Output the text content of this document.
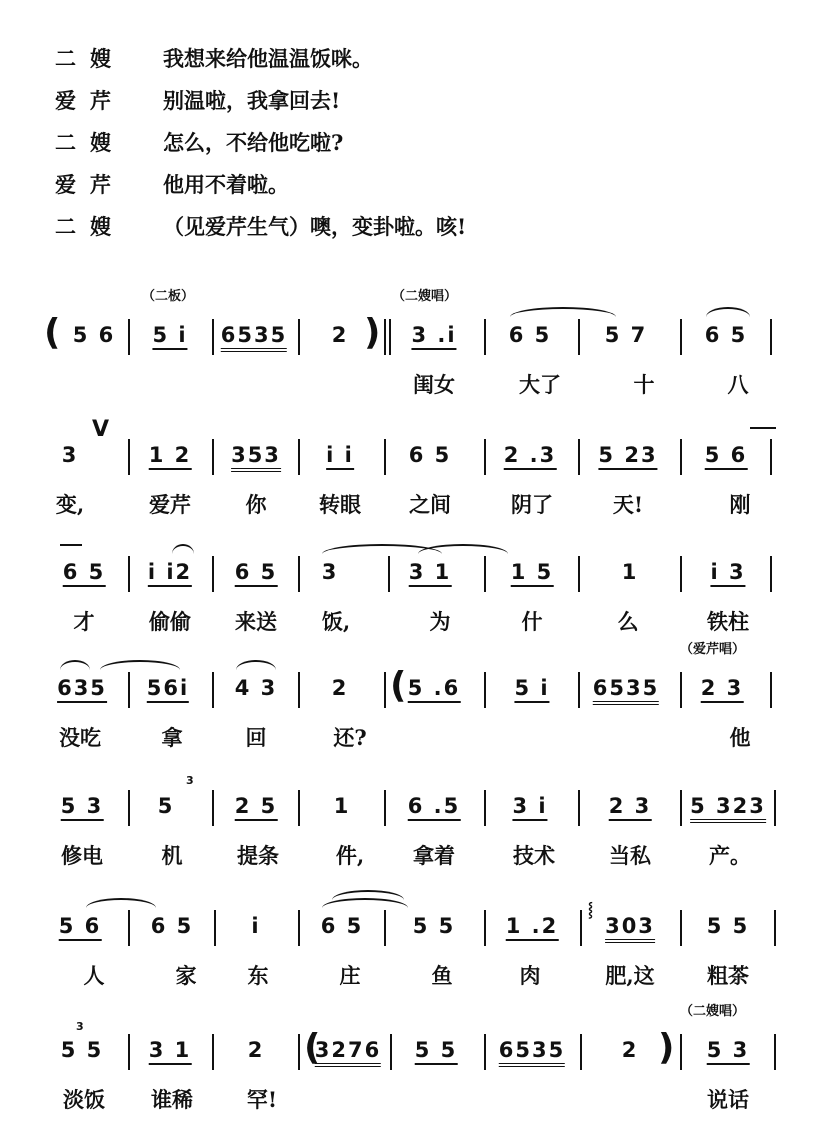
二嫂	我想来给他温温饭咪。
爱芹	别温啦，我拿回去!
二嫂	怎么，不给他吃啦?
爱芹	他用不着啦。
二嫂	（见爱芹生气）噢，变卦啦。咳!
（二板）	（二嫂唱）
( 5 6 5 i 6535 2 ) 3 .i 6 5	5 7	6 5
闺女	大了	十	八
V
3	1 2 353 i i	6 5 2 .3 5 23 5 6
变,	爱芹	你	转眼 之间	阴了	天!	刚
6 5 i i2 6 5 3	3 1	1 5	1	i 3
才	偷偷 来送 饭,	为	什	么	铁柱
（爱芹唱）
635 56i 4 3	2 ( 5 .6	5 i 6535 2 3
没吃	拿	回	还?	他
5 3	5
3
2 5	1	6 .5 3 i	2 3 5 323
修电	机	提条	件, 拿着	技术	当私	产。
5 6 6 5	i	6 5 5 5 1 .2
⸾
303 5 5
人	家 东	庄	鱼	肉	肥,这 粗茶
（二嫂唱）
5 5
3
3 1	2 (
3276 5 5 6535	2 ) 5 3
淡饭 谁稀	罕!	说话
